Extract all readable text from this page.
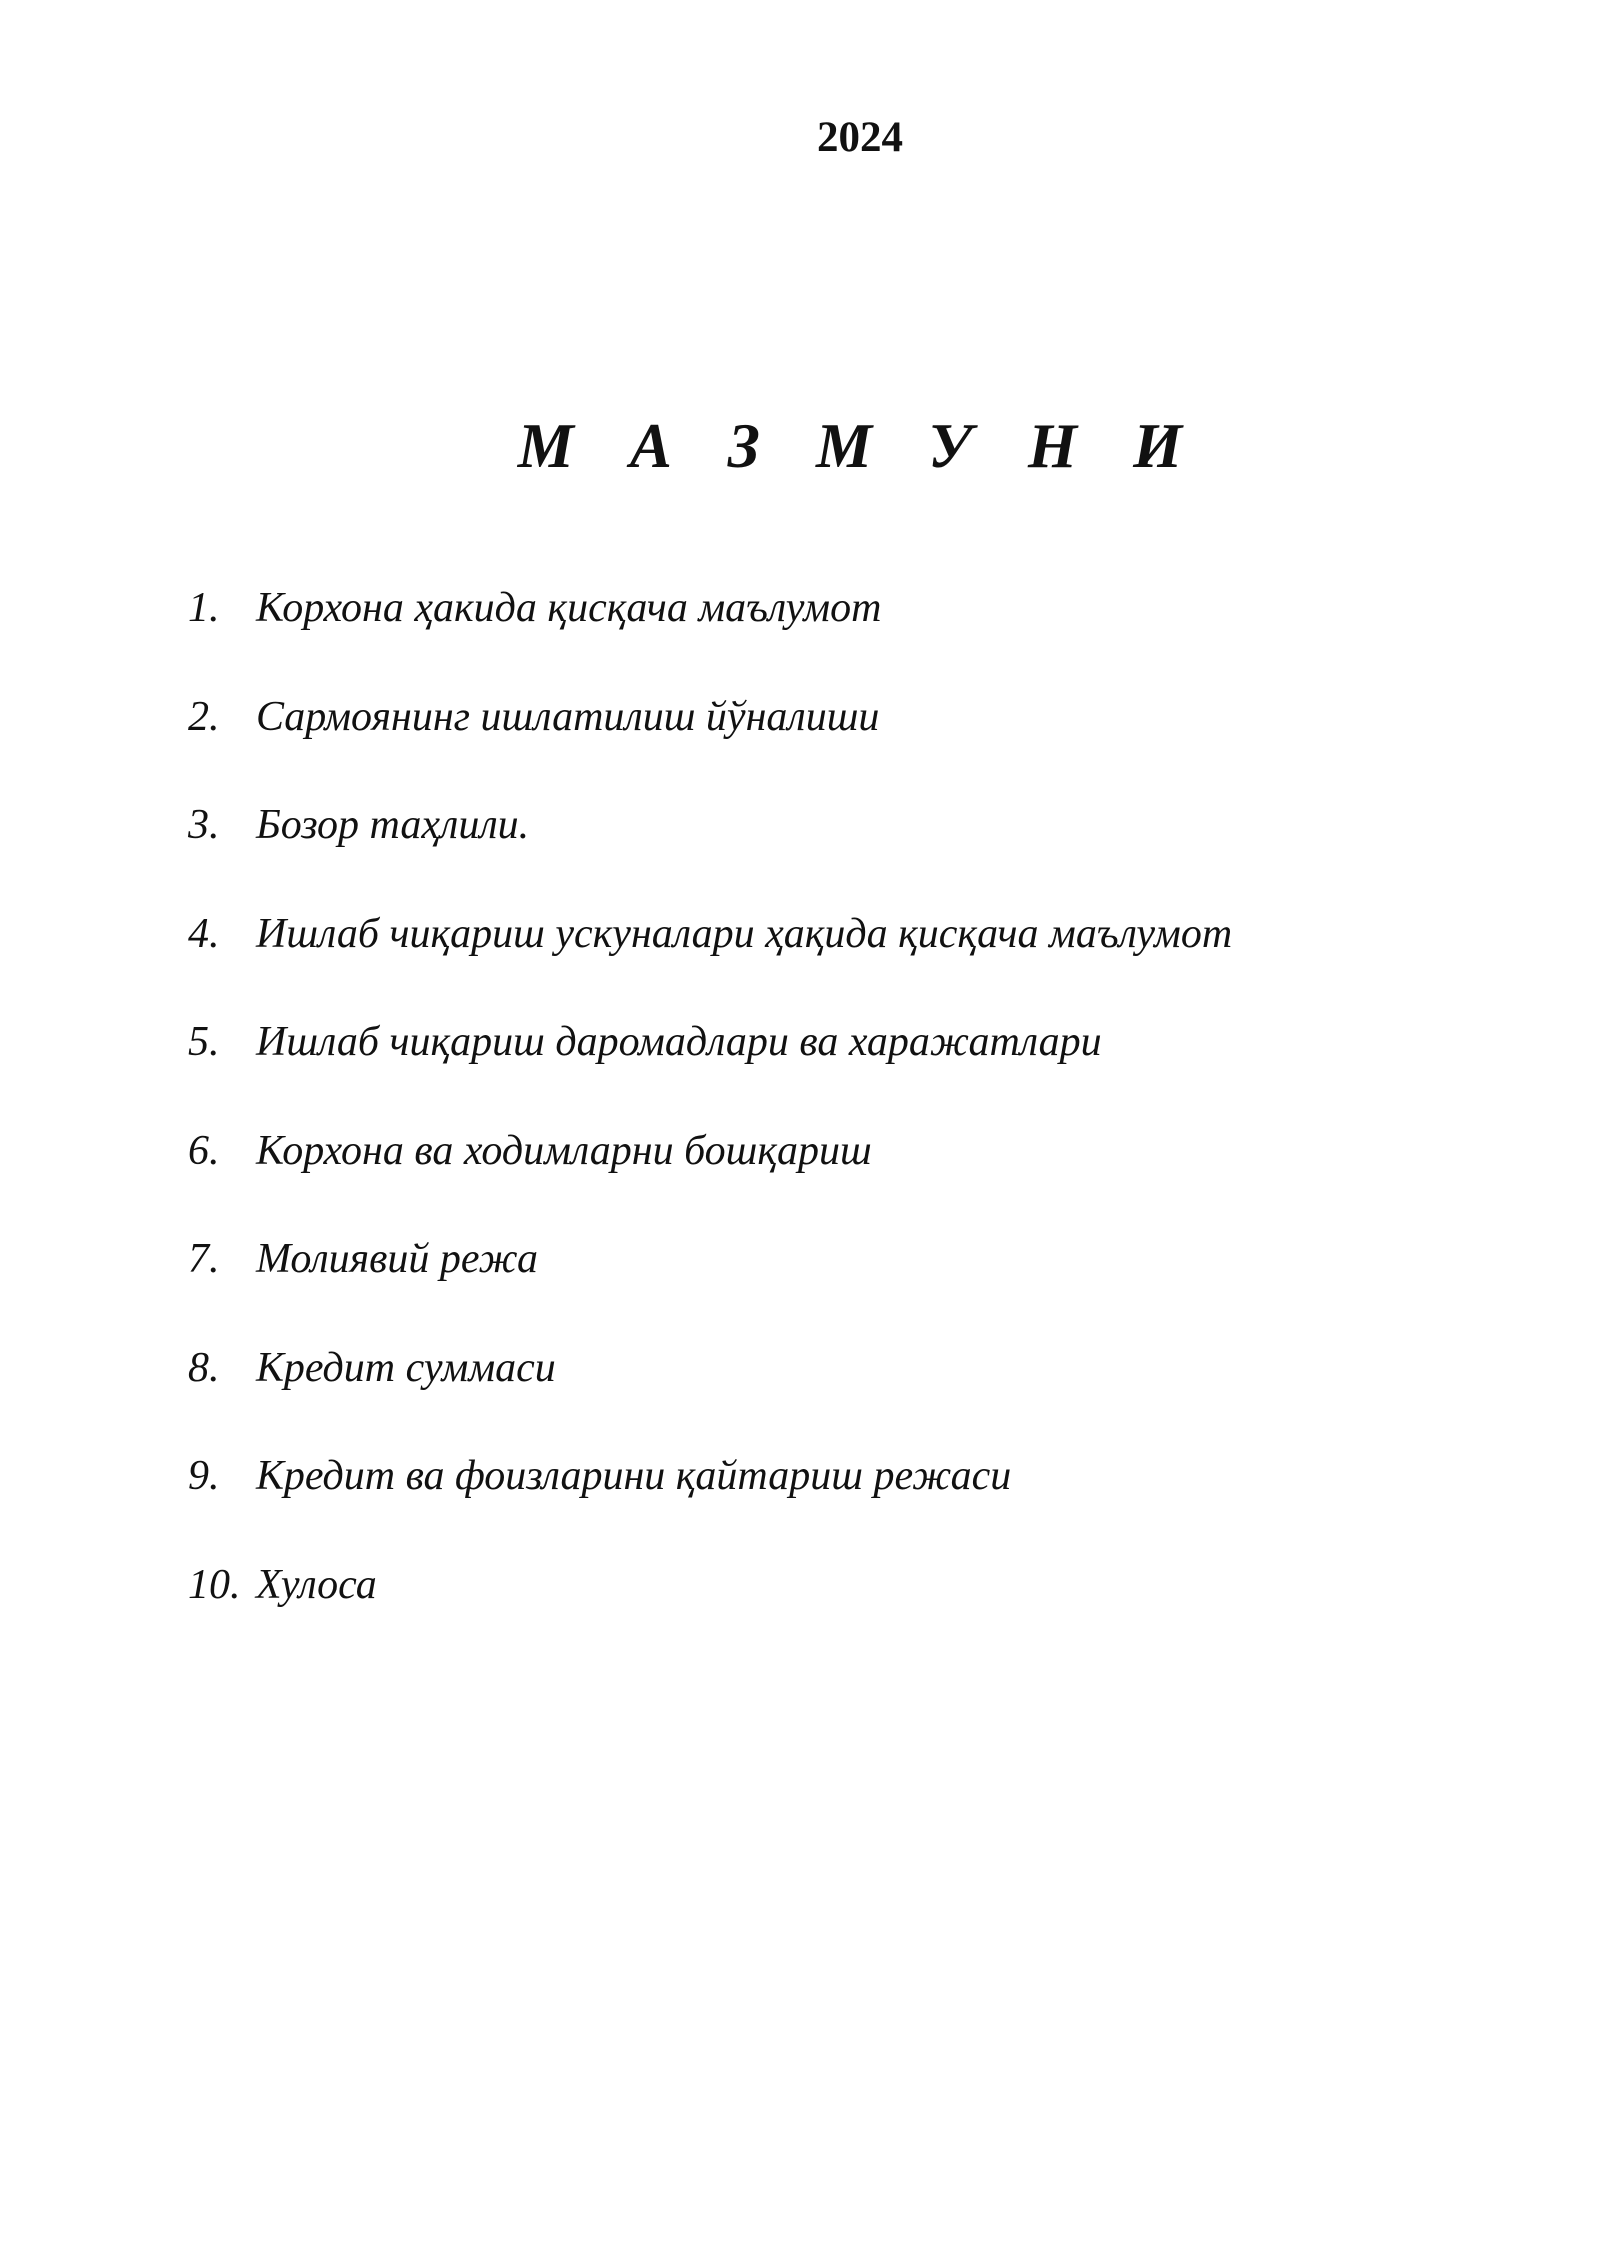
2024
М А З М У Н И
1. Корхона ҳакида қисқача маълумот
2. Сармоянинг ишлатилиш йўналиши
3. Бозор таҳлили.
4. Ишлаб чиқариш ускуналари ҳақида қисқача маълумот
5. Ишлаб чиқариш даромадлари ва харажатлари
6. Корхона ва ходимларни бошқариш
7. Молиявий режа
8. Кредит суммаси
9. Кредит ва фоизларини қайтариш режаси
10. Хулоса
